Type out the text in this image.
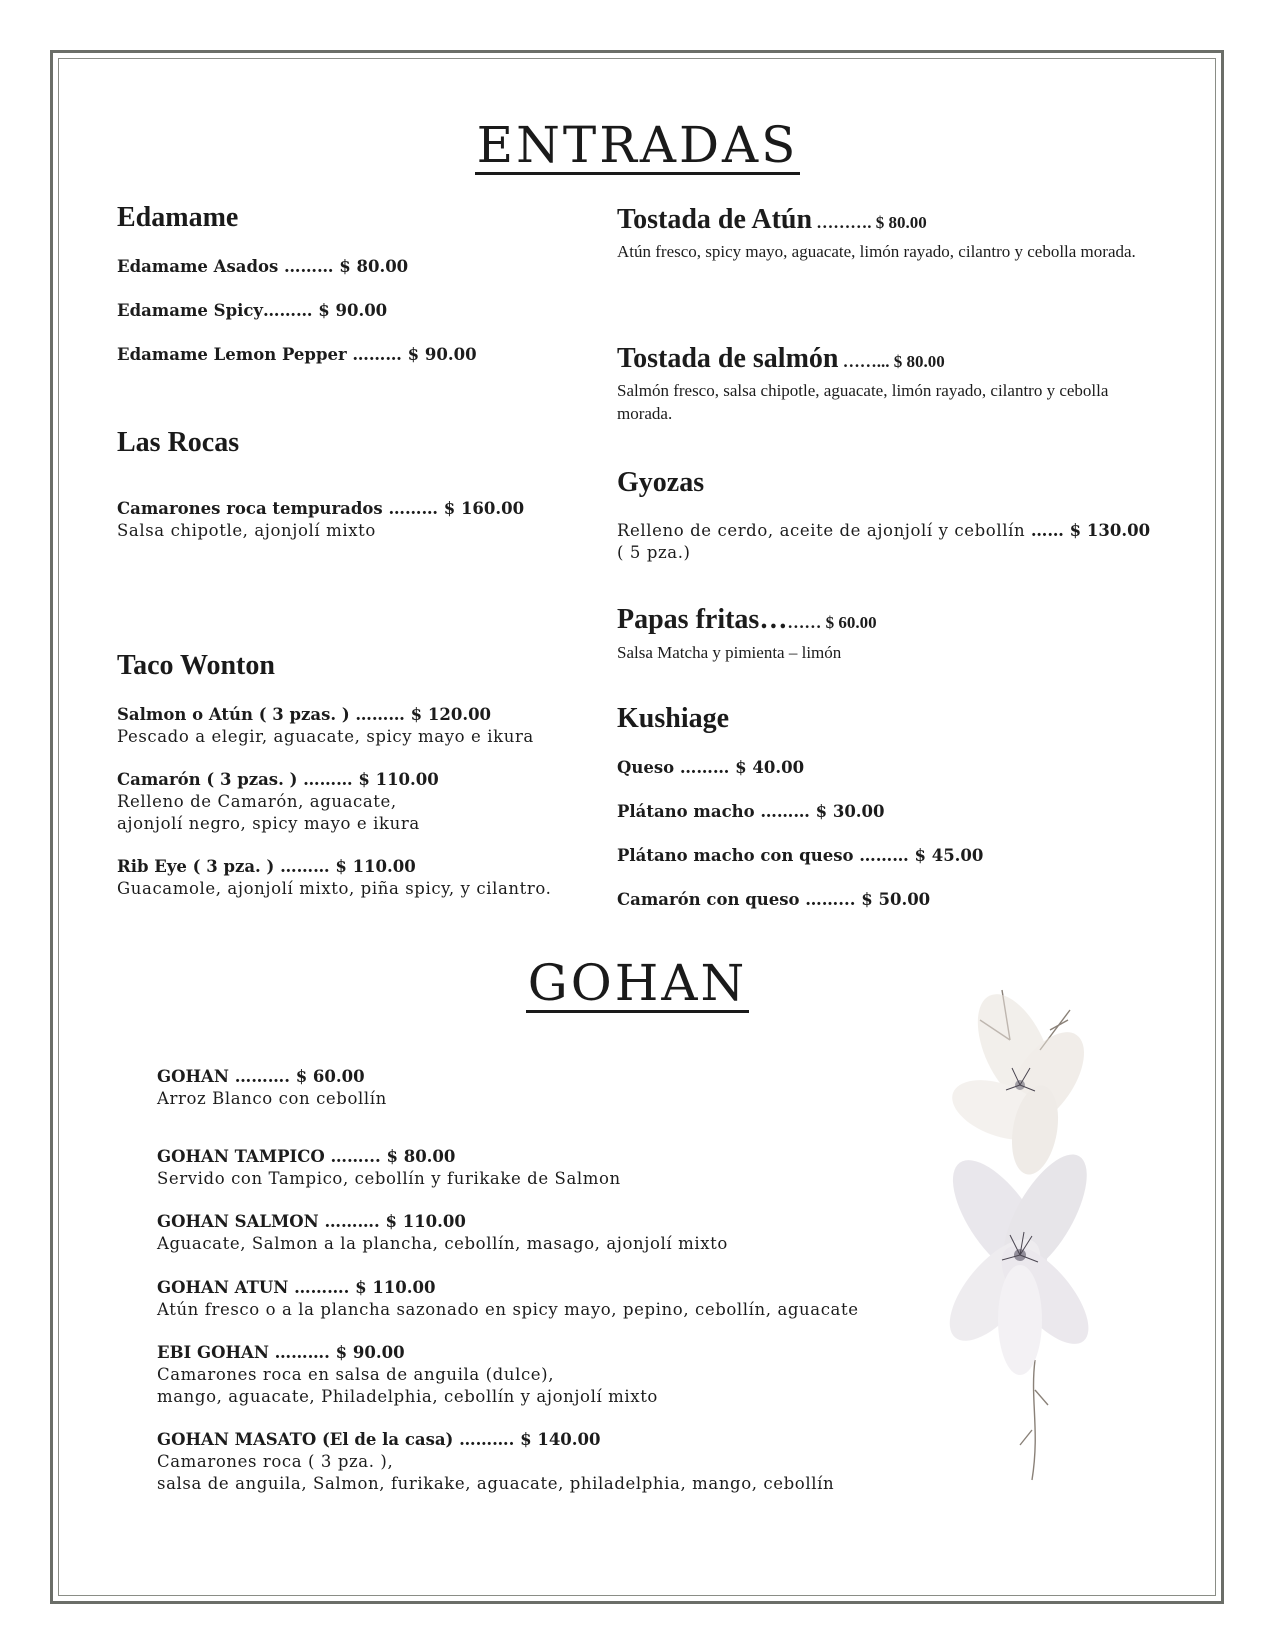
ENTRADAS
Edamame
Edamame Asados ……… $ 80.00
Edamame Spicy……… $ 90.00
Edamame Lemon Pepper ……… $ 90.00
Las Rocas
Camarones roca tempurados ……… $ 160.00
Salsa chipotle, ajonjolí mixto
Taco Wonton
Salmon o Atún ( 3 pzas. ) ……… $ 120.00
Pescado a elegir, aguacate, spicy mayo e ikura
Camarón ( 3 pzas. ) ……… $ 110.00
Relleno de Camarón, aguacate,
ajonjolí negro, spicy mayo e ikura
Rib Eye ( 3 pza. ) ……… $ 110.00
Guacamole, ajonjolí mixto, piña spicy, y cilantro.
Tostada de Atún ………. $ 80.00
Atún fresco, spicy mayo, aguacate, limón rayado, cilantro y cebolla morada.
Tostada de salmón ……... $ 80.00
Salmón fresco, salsa chipotle, aguacate, limón rayado, cilantro y cebolla morada.
Gyozas
Relleno de cerdo, aceite de ajonjolí y cebollín …… $ 130.00
( 5 pza.)
Papas fritas……… $ 60.00
Salsa Matcha y pimienta – limón
Kushiage
Queso ……… $ 40.00
Plátano macho ……… $ 30.00
Plátano macho con queso ……… $ 45.00
Camarón con queso ……... $ 50.00
GOHAN
GOHAN ………. $ 60.00
Arroz Blanco con cebollín
GOHAN TAMPICO ……... $ 80.00
Servido con Tampico, cebollín y furikake de Salmon
GOHAN SALMON ………. $ 110.00
Aguacate, Salmon a la plancha, cebollín, masago, ajonjolí mixto
GOHAN ATUN ………. $ 110.00
Atún fresco o a la plancha sazonado en spicy mayo, pepino, cebollín, aguacate
EBI GOHAN ………. $ 90.00
Camarones roca en salsa de anguila (dulce),
mango, aguacate, Philadelphia, cebollín y ajonjolí mixto
GOHAN MASATO (El de la casa) ………. $ 140.00
Camarones roca ( 3 pza. ),
salsa de anguila, Salmon, furikake, aguacate, philadelphia, mango, cebollín
